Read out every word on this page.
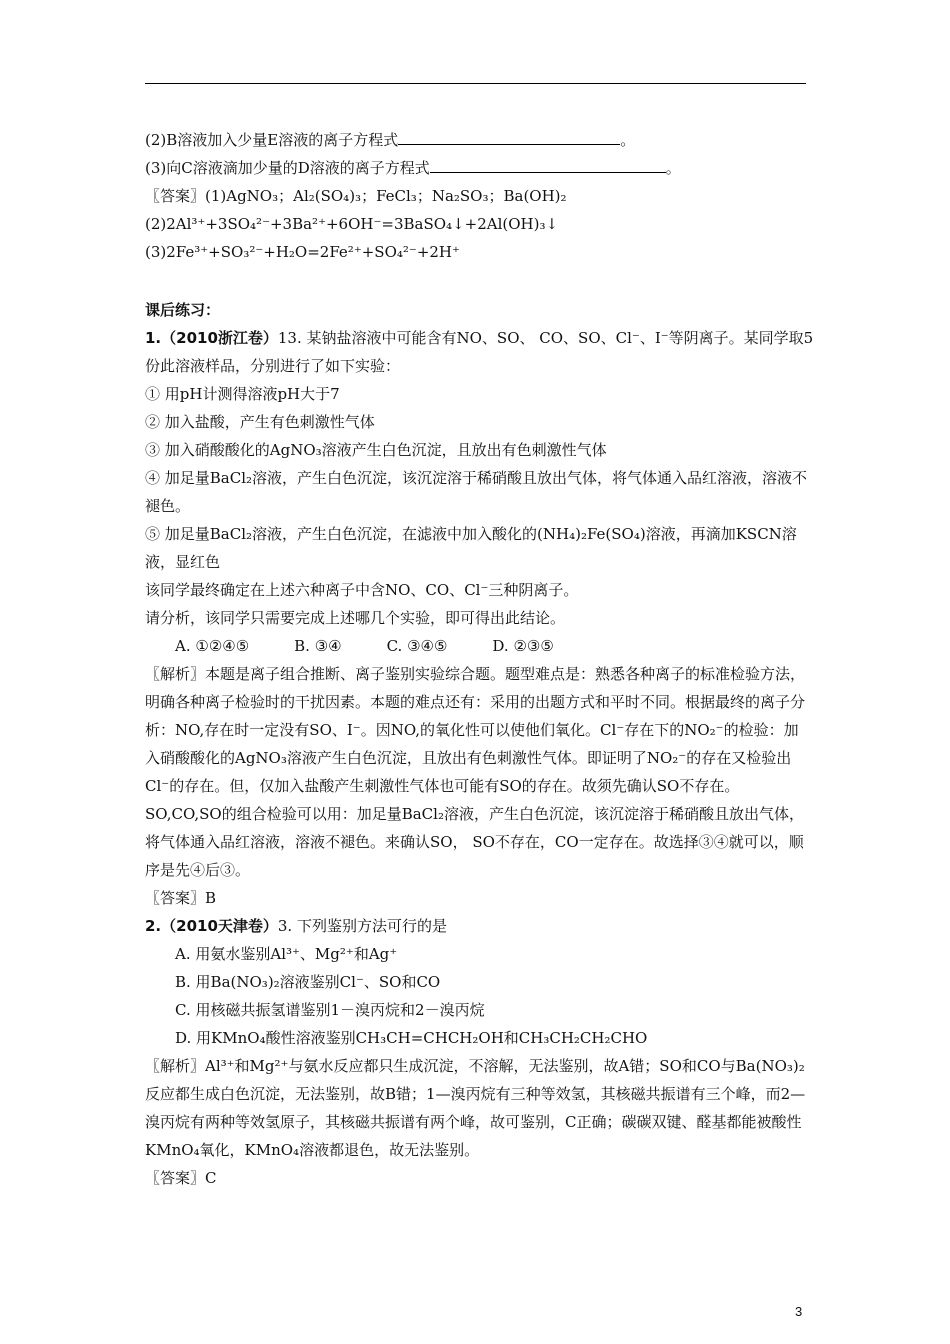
(2)B溶液加入少量E溶液的离子方程式	。
(3)向C溶液滴加少量的D溶液的离子方程式	。
〖答案〗(1)AgNO₃；Al₂(SO₄)₃；FeCl₃；Na₂SO₃；Ba(OH)₂
(2)2Al³⁺+3SO₄²⁻+3Ba²⁺+6OH⁻=3BaSO₄↓+2Al(OH)₃↓
(3)2Fe³⁺+SO₃²⁻+H₂O=2Fe²⁺+SO₄²⁻+2H⁺
课后练习：
1.（2010浙江卷）13. 某钠盐溶液中可能含有NO、SO、 CO、SO、Cl⁻、I⁻等阴离子。某同学取5
份此溶液样品，分别进行了如下实验：
① 用pH计测得溶液pH大于7
② 加入盐酸，产生有色刺激性气体
③ 加入硝酸酸化的AgNO₃溶液产生白色沉淀，且放出有色刺激性气体
④ 加足量BaCl₂溶液，产生白色沉淀，该沉淀溶于稀硝酸且放出气体，将气体通入品红溶液，溶液不褪色。
⑤ 加足量BaCl₂溶液，产生白色沉淀，在滤液中加入酸化的(NH₄)₂Fe(SO₄)溶液，再滴加KSCN溶液，显红色
该同学最终确定在上述六种离子中含NO、CO、Cl⁻三种阴离子。
请分析，该同学只需要完成上述哪几个实验，即可得出此结论。
A. ①②④⑤　　　B. ③④　　　C. ③④⑤　　　D. ②③⑤
〖解析〗本题是离子组合推断、离子鉴别实验综合题。题型难点是：熟悉各种离子的标准检验方法，明确各种离子检验时的干扰因素。本题的难点还有：采用的出题方式和平时不同。根据最终的离子分析：NO,存在时一定没有SO、I⁻。因NO,的氧化性可以使他们氧化。Cl⁻存在下的NO₂⁻的检验：加入硝酸酸化的AgNO₃溶液产生白色沉淀，且放出有色刺激性气体。即证明了NO₂⁻的存在又检验出Cl⁻的存在。但，仅加入盐酸产生刺激性气体也可能有SO的存在。故须先确认SO不存在。SO,CO,SO的组合检验可以用：加足量BaCl₂溶液，产生白色沉淀，该沉淀溶于稀硝酸且放出气体，将气体通入品红溶液，溶液不褪色。来确认SO， SO不存在，CO一定存在。故选择③④就可以，顺序是先④后③。
〖答案〗B
2.（2010天津卷）3. 下列鉴别方法可行的是
A. 用氨水鉴别Al³⁺、Mg²⁺和Ag⁺
B. 用Ba(NO₃)₂溶液鉴别Cl⁻、SO和CO
C. 用核磁共振氢谱鉴别1－溴丙烷和2－溴丙烷
D. 用KMnO₄酸性溶液鉴别CH₃CH=CHCH₂OH和CH₃CH₂CH₂CHO
〖解析〗Al³⁺和Mg²⁺与氨水反应都只生成沉淀，不溶解，无法鉴别，故A错；SO和CO与Ba(NO₃)₂反应都生成白色沉淀，无法鉴别，故B错；1—溴丙烷有三种等效氢，其核磁共振谱有三个峰，而2—溴丙烷有两种等效氢原子，其核磁共振谱有两个峰，故可鉴别，C正确；碳碳双键、醛基都能被酸性KMnO₄氧化，KMnO₄溶液都退色，故无法鉴别。
〖答案〗C
3
